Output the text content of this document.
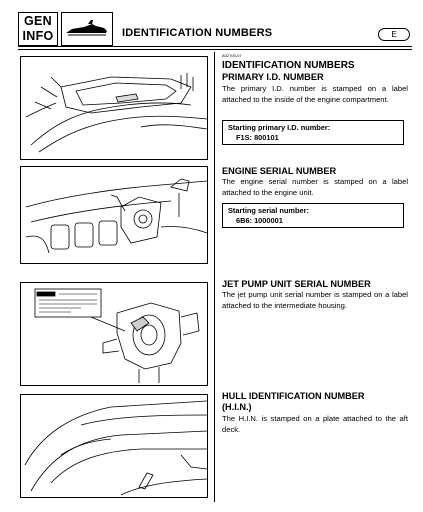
GEN
INFO	IDENTIFICATION NUMBERS	E
A02700-07
IDENTIFICATION NUMBERS
PRIMARY I.D. NUMBER
The primary I.D. number is stamped on a label attached to the inside of the engine compartment.
Starting primary I.D. number:
F1S: 800101
ENGINE SERIAL NUMBER
The engine serial number is stamped on a label attached to the engine unit.
Starting serial number:
6B6: 1000001
JET PUMP UNIT SERIAL NUMBER
The jet pump unit serial number is stamped on a label attached to the intermediate housing.
HULL IDENTIFICATION NUMBER
(H.I.N.)
The H.I.N. is stamped on a plate attached to the aft deck.
